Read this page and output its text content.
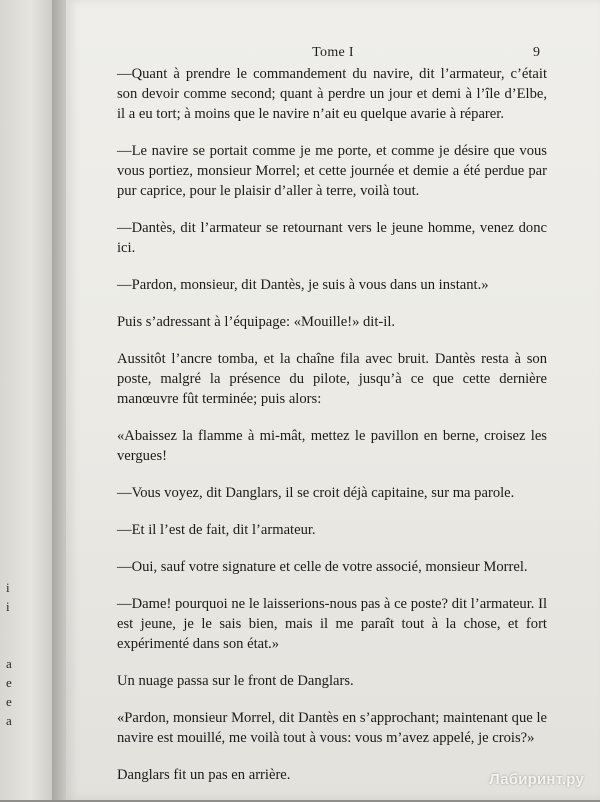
i
i
a
e
e
a
Tome I	9

—Quant à prendre le commandement du navire, dit l’armateur, c’était son devoir comme second; quant à perdre un jour et demi à l’île d’Elbe, il a eu tort; à moins que le navire n’ait eu quelque avarie à réparer.

—Le navire se portait comme je me porte, et comme je désire que vous vous portiez, monsieur Morrel; et cette journée et demie a été perdue par pur caprice, pour le plaisir d’aller à terre, voilà tout.

—Dantès, dit l’armateur se retournant vers le jeune homme, venez donc ici.

—Pardon, monsieur, dit Dantès, je suis à vous dans un instant.»

Puis s’adressant à l’équipage: «Mouille!» dit-il.

Aussitôt l’ancre tomba, et la chaîne fila avec bruit. Dantès resta à son poste, malgré la présence du pilote, jusqu’à ce que cette dernière manœuvre fût terminée; puis alors:

«Abaissez la flamme à mi-mât, mettez le pavillon en berne, croisez les vergues!

—Vous voyez, dit Danglars, il se croit déjà capitaine, sur ma parole.

—Et il l’est de fait, dit l’armateur.

—Oui, sauf votre signature et celle de votre associé, monsieur Morrel.

—Dame! pourquoi ne le laisserions-nous pas à ce poste? dit l’armateur. Il est jeune, je le sais bien, mais il me paraît tout à la chose, et fort expérimenté dans son état.»

Un nuage passa sur le front de Danglars.

«Pardon, monsieur Morrel, dit Dantès en s’approchant; maintenant que le navire est mouillé, me voilà tout à vous: vous m’avez appelé, je crois?»

Danglars fit un pas en arrière.	Лабиринт.ру
